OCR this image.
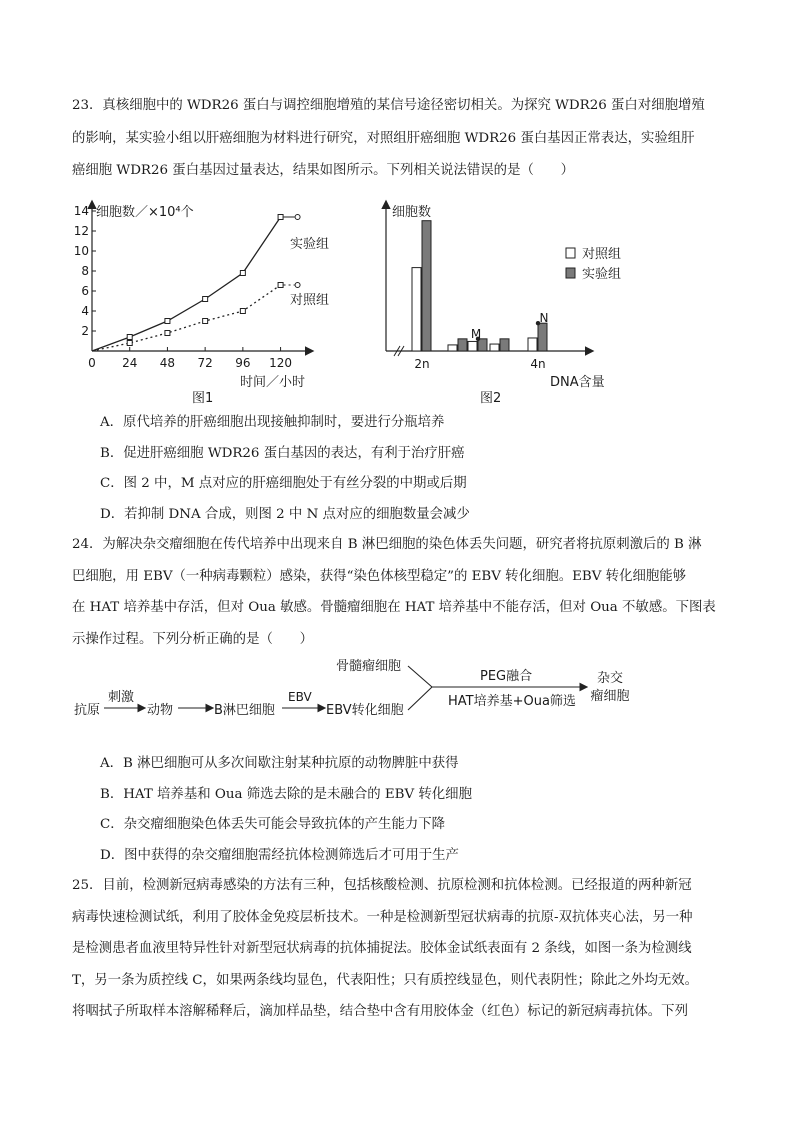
23．真核细胞中的 WDR26 蛋白与调控细胞增殖的某信号途径密切相关。为探究 WDR26 蛋白对细胞增殖
的影响，某实验小组以肝癌细胞为材料进行研究，对照组肝癌细胞 WDR26 蛋白基因正常表达，实验组肝
癌细胞 WDR26 蛋白基因过量表达，结果如图所示。下列相关说法错误的是（　　）
细胞数／×10⁴个
2
4
6
8
10
12
14
0 24 48 72 96 120
实验组
对照组
时间／小时
图1
细胞数
2n	4n
M
N
对照组
实验组
DNA含量
图2
A．原代培养的肝癌细胞出现接触抑制时，要进行分瓶培养
B．促进肝癌细胞 WDR26 蛋白基因的表达，有利于治疗肝癌
C．图 2 中，M 点对应的肝癌细胞处于有丝分裂的中期或后期
D．若抑制 DNA 合成，则图 2 中 N 点对应的细胞数量会减少
24．为解决杂交瘤细胞在传代培养中出现来自 B 淋巴细胞的染色体丢失问题，研究者将抗原刺激后的 B 淋
巴细胞，用 EBV（一种病毒颗粒）感染，获得“染色体核型稳定”的 EBV 转化细胞。EBV 转化细胞能够
在 HAT 培养基中存活，但对 Oua 敏感。骨髓瘤细胞在 HAT 培养基中不能存活，但对 Oua 不敏感。下图表
示操作过程。下列分析正确的是（　　）
抗原
刺激
动物	B淋巴细胞
EBV
EBV转化细胞
骨髓瘤细胞
PEG融合
HAT培养基+Oua筛选
杂交
瘤细胞
A．B 淋巴细胞可从多次间歇注射某种抗原的动物脾脏中获得
B．HAT 培养基和 Oua 筛选去除的是未融合的 EBV 转化细胞
C．杂交瘤细胞染色体丢失可能会导致抗体的产生能力下降
D．图中获得的杂交瘤细胞需经抗体检测筛选后才可用于生产
25．目前，检测新冠病毒感染的方法有三种，包括核酸检测、抗原检测和抗体检测。已经报道的两种新冠
病毒快速检测试纸，利用了胶体金免疫层析技术。一种是检测新型冠状病毒的抗原-双抗体夹心法，另一种
是检测患者血液里特异性针对新型冠状病毒的抗体捕捉法。胶体金试纸表面有 2 条线，如图一条为检测线
T，另一条为质控线 C，如果两条线均显色，代表阳性；只有质控线显色，则代表阴性；除此之外均无效。
将咽拭子所取样本溶解稀释后，滴加样品垫，结合垫中含有用胶体金（红色）标记的新冠病毒抗体。下列
